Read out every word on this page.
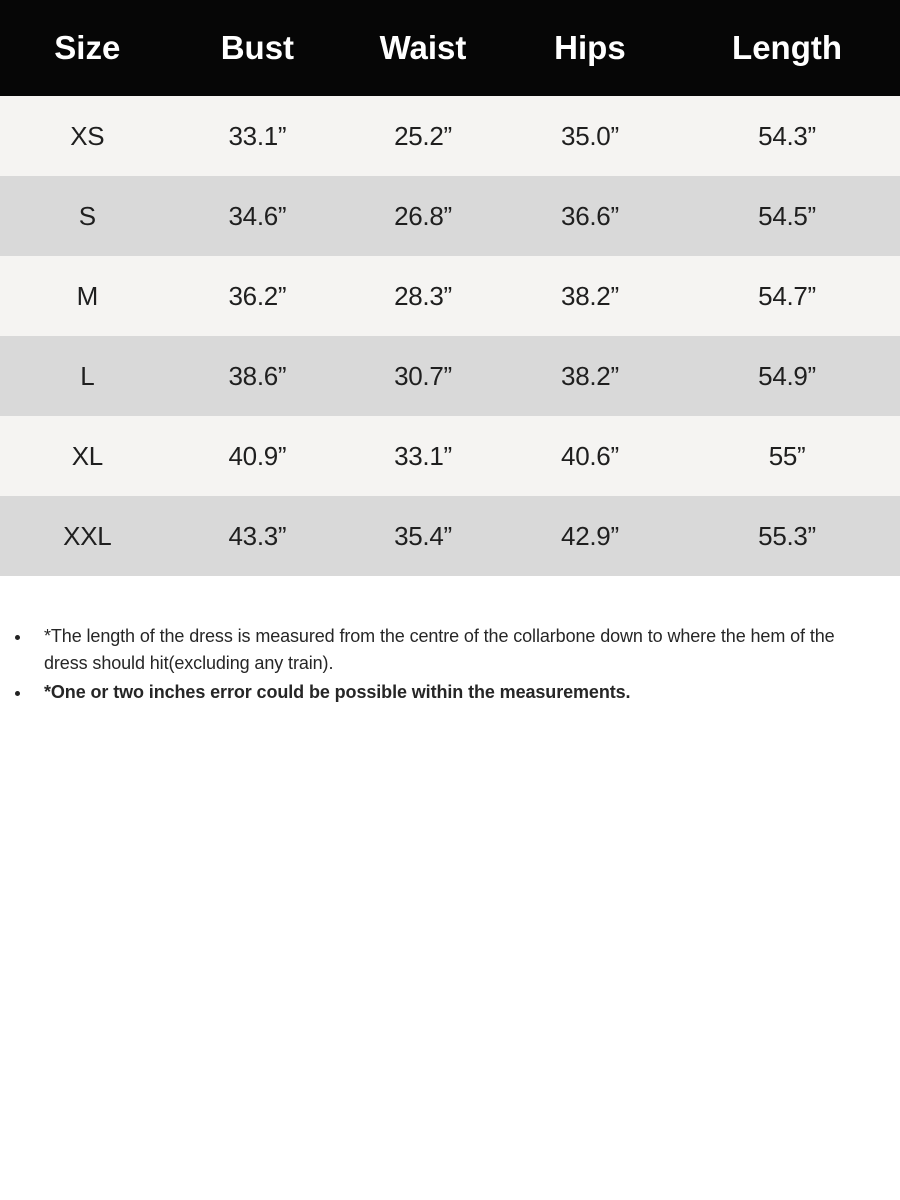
Size	Bust	Waist	Hips	Length
XS	33.1”	25.2”	35.0”	54.3”
S	34.6”	26.8”	36.6”	54.5”
M	36.2”	28.3”	38.2”	54.7”
L	38.6”	30.7”	38.2”	54.9”
XL	40.9”	33.1”	40.6”	55”
XXL	43.3”	35.4”	42.9”	55.3”
*The length of the dress is measured from the centre of the collarbone down to where the hem of the dress should hit(excluding any train).
*One or two inches error could be possible within the measurements.
